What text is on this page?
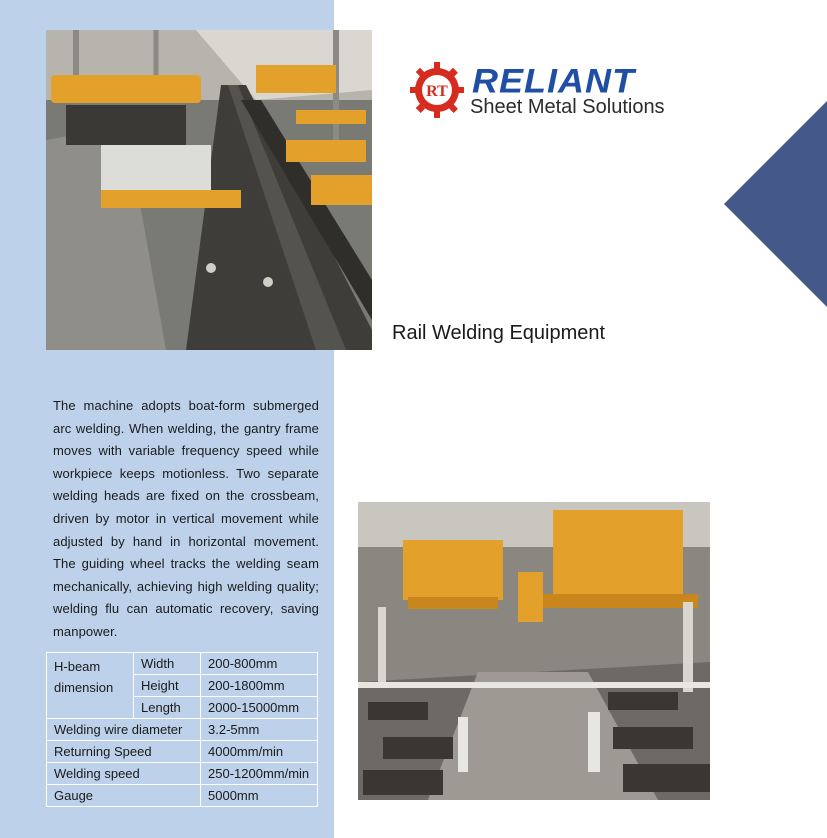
RT RELIANT
Sheet Metal Solutions
Rail Welding Equipment
The machine adopts boat-form submerged arc welding. When welding, the gantry frame moves with variable frequency speed while workpiece keeps motionless. Two separate welding heads are fixed on the crossbeam, driven by motor in vertical movement while adjusted by hand in horizontal movement. The guiding wheel tracks the welding seam mechanically, achieving high welding quality; welding flu can automatic recovery, saving manpower.
H-beam dimension	Width	200-800mm
	Height	200-1800mm
	Length	2000-15000mm
Welding wire diameter		3.2-5mm
Returning Speed		4000mm/min
Welding speed		250-1200mm/min
Gauge		5000mm
